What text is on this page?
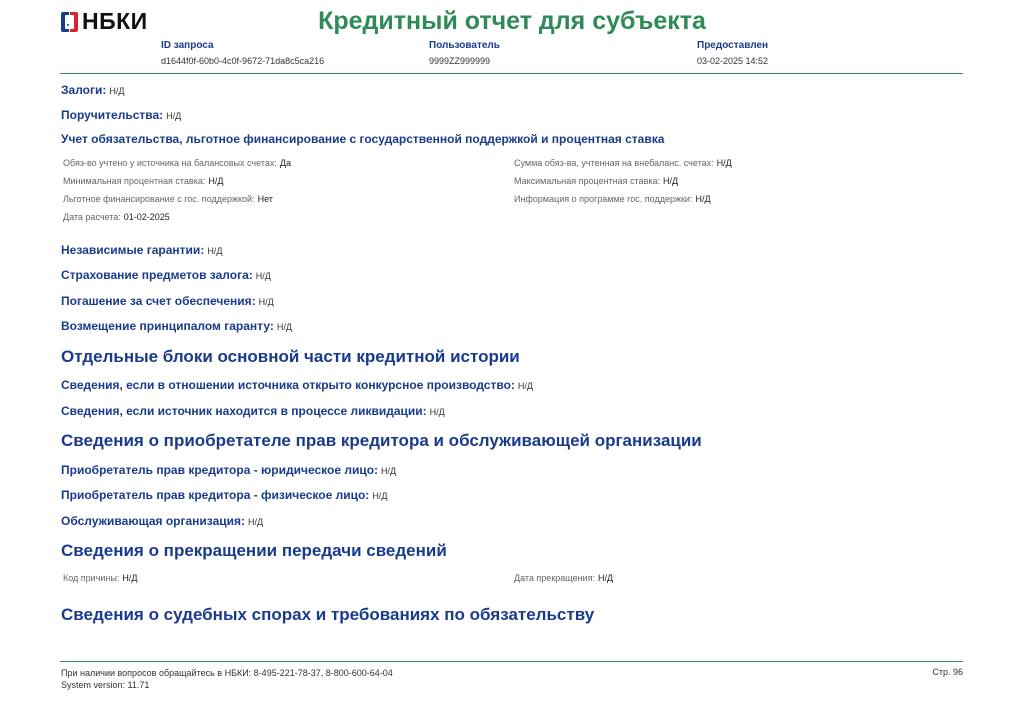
НБКИ	Кредитный отчет для субъекта
ID запроса
d1644f0f-60b0-4c0f-9672-71da8c5ca216
Пользователь
9999ZZ999999
Предоставлен
03-02-2025 14:52
Залоги: Н/Д
Поручительства: Н/Д
Учет обязательства, льготное финансирование с государственной поддержкой и процентная ставка
Обяз-во учтено у источника на балансовых счетах: Да	Сумма обяз-ва, учтенная на внебаланс. счетах: Н/Д
Минимальная процентная ставка: Н/Д	Максимальная процентная ставка: Н/Д
Льготное финансирование с гос. поддержкой: Нет	Информация о программе гос. поддержки: Н/Д
Дата расчета: 01-02-2025
Независимые гарантии: Н/Д
Страхование предметов залога: Н/Д
Погашение за счет обеспечения: Н/Д
Возмещение принципалом гаранту: Н/Д
Отдельные блоки основной части кредитной истории
Сведения, если в отношении источника открыто конкурсное производство: Н/Д
Сведения, если источник находится в процессе ликвидации: Н/Д
Сведения о приобретателе прав кредитора и обслуживающей организации
Приобретатель прав кредитора - юридическое лицо: Н/Д
Приобретатель прав кредитора - физическое лицо: Н/Д
Обслуживающая организация: Н/Д
Сведения о прекращении передачи сведений
Код причины: Н/Д	Дата прекращения: Н/Д
Сведения о судебных спорах и требованиях по обязательству
При наличии вопросов обращайтесь в НБКИ: 8-495-221-78-37, 8-800-600-64-04
System version: 11.71
Стр. 96
